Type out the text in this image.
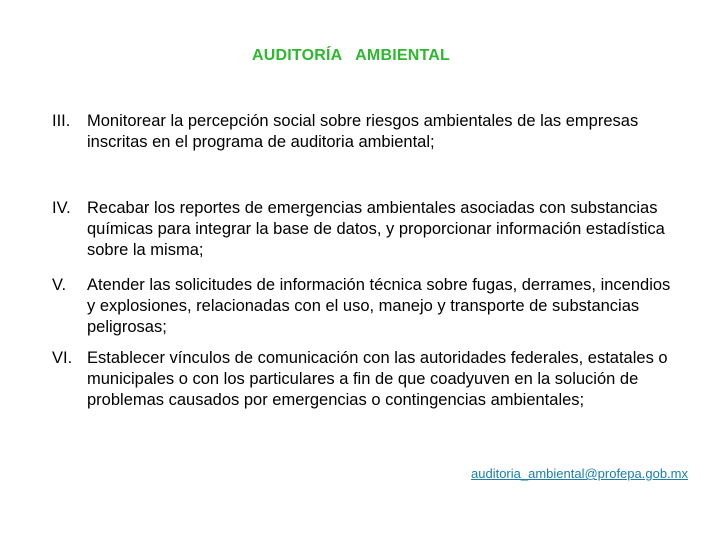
AUDITORÍA   AMBIENTAL
III. Monitorear la percepción social sobre riesgos ambientales de las empresas inscritas en el programa de auditoria ambiental;
IV. Recabar los reportes de emergencias ambientales asociadas con substancias químicas para integrar la base de datos, y proporcionar información estadística sobre la misma;
V. Atender las solicitudes de información técnica sobre fugas, derrames, incendios y explosiones, relacionadas con el uso, manejo y transporte de substancias peligrosas;
VI. Establecer vínculos de comunicación con las autoridades federales, estatales o municipales o con los particulares a fin de que coadyuven en la solución de problemas causados por emergencias o contingencias ambientales;
auditoria_ambiental@profepa.gob.mx
